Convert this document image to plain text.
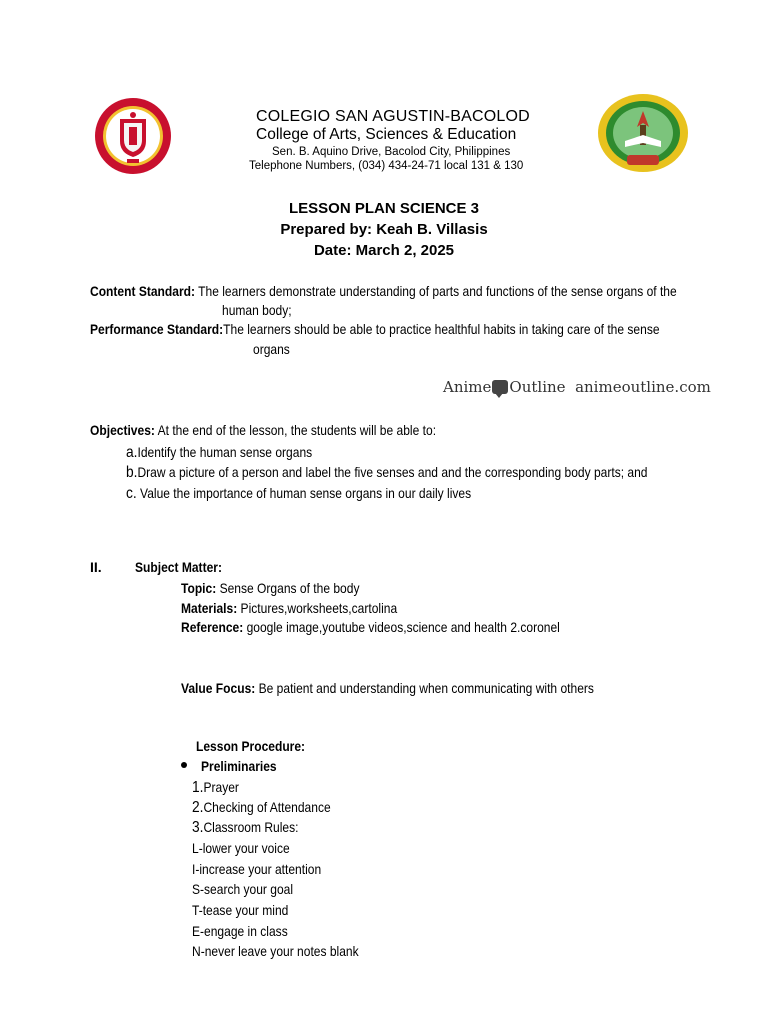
COLEGIO SAN AGUSTIN-BACOLOD
College of Arts, Sciences & Education
Sen. B. Aquino Drive, Bacolod City, Philippines
Telephone Numbers, (034) 434-24-71 local 131 & 130
LESSON PLAN SCIENCE 3
Prepared by: Keah B. Villasis
Date: March 2, 2025
Content Standard: The learners demonstrate understanding of parts and functions of the sense organs of the
human body;
Performance Standard:The learners should be able to practice healthful habits in taking care of the sense
organs
Anime Outline animeoutline.com
Objectives: At the end of the lesson, the students will be able to:
a.Identify the human sense organs
b.Draw a picture of a person and label the five senses and and the corresponding body parts; and
c. Value the importance of human sense organs in our daily lives
II. Subject Matter:
Topic: Sense Organs of the body
Materials: Pictures,worksheets,cartolina
Reference: google image,youtube videos,science and health 2.coronel
Value Focus: Be patient and understanding when communicating with others
Lesson Procedure:
Preliminaries
1.Prayer
2.Checking of Attendance
3.Classroom Rules:
L-lower your voice
I-increase your attention
S-search your goal
T-tease your mind
E-engage in class
N-never leave your notes blank
